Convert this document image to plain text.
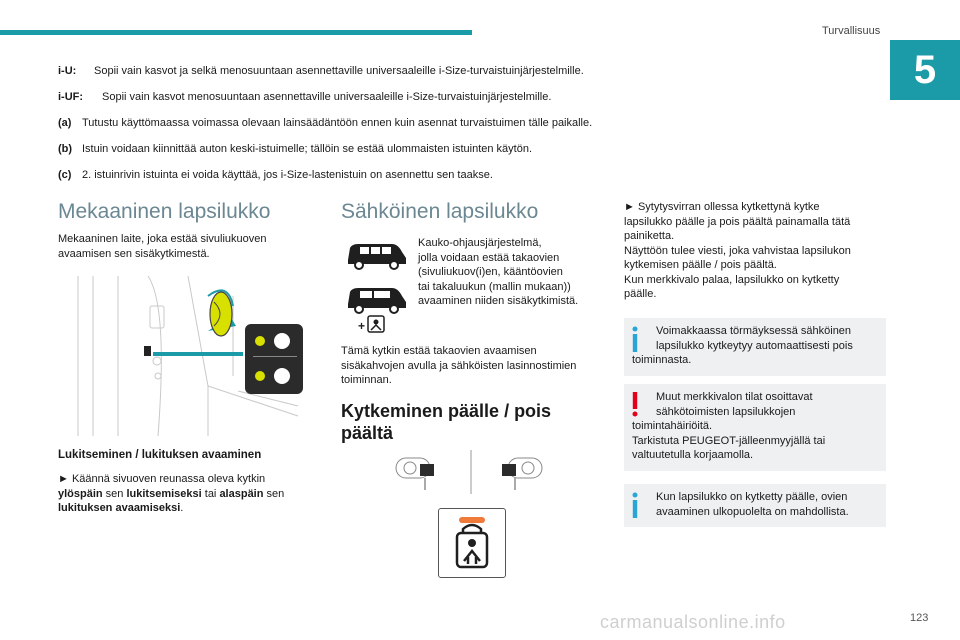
Turvallisuus
5
i-U:	Sopii vain kasvot ja selkä menosuuntaan asennettaville universaaleille i-Size-turvaistuinjärjestelmille.
i-UF:	Sopii vain kasvot menosuuntaan asennettaville universaaleille i-Size-turvaistuinjärjestelmille.
(a) Tutustu käyttömaassa voimassa olevaan lainsäädäntöön ennen kuin asennat turvaistuimen tälle paikalle.
(b) Istuin voidaan kiinnittää auton keski-istuimelle; tällöin se estää ulommaisten istuinten käytön.
(c) 2. istuinrivin istuinta ei voida käyttää, jos i-Size-lastenistuin on asennettu sen taakse.
Mekaaninen lapsilukko
Mekaaninen laite, joka estää sivuliukuoven
avaamisen sen sisäkytkimestä.
Lukitseminen / lukituksen avaaminen
► Käännä sivuoven reunassa oleva kytkin
ylöspäin sen lukitsemiseksi tai alaspäin sen
lukituksen avaamiseksi.
Sähköinen lapsilukko
+
Kauko-ohjausjärjestelmä,
jolla voidaan estää takaovien
(sivuliukuov(i)en, kääntöovien
tai takaluukun (mallin mukaan))
avaaminen niiden sisäkytkimistä.
Tämä kytkin estää takaovien avaamisen
sisäkahvojen avulla ja sähköisten lasinnostimien
toiminnan.
Kytkeminen päälle / pois
päältä
► Sytytysvirran ollessa kytkettynä kytke
lapsilukko päälle ja pois päältä painamalla tätä
painiketta.
Näyttöön tulee viesti, joka vahvistaa lapsilukon
kytkemisen päälle / pois päältä.
Kun merkkivalo palaa, lapsilukko on kytketty
päälle.
Voimakkaassa törmäyksessä sähköinen
lapsilukko kytkeytyy automaattisesti pois
toiminnasta.
Muut merkkivalon tilat osoittavat
sähkötoimisten lapsilukkojen
toimintahäiriöitä.
Tarkistuta PEUGEOT-jälleenmyyjällä tai
valtuutetulla korjaamolla.
Kun lapsilukko on kytketty päälle, ovien
avaaminen ulkopuolelta on mahdollista.
123
carmanualsonline.info
